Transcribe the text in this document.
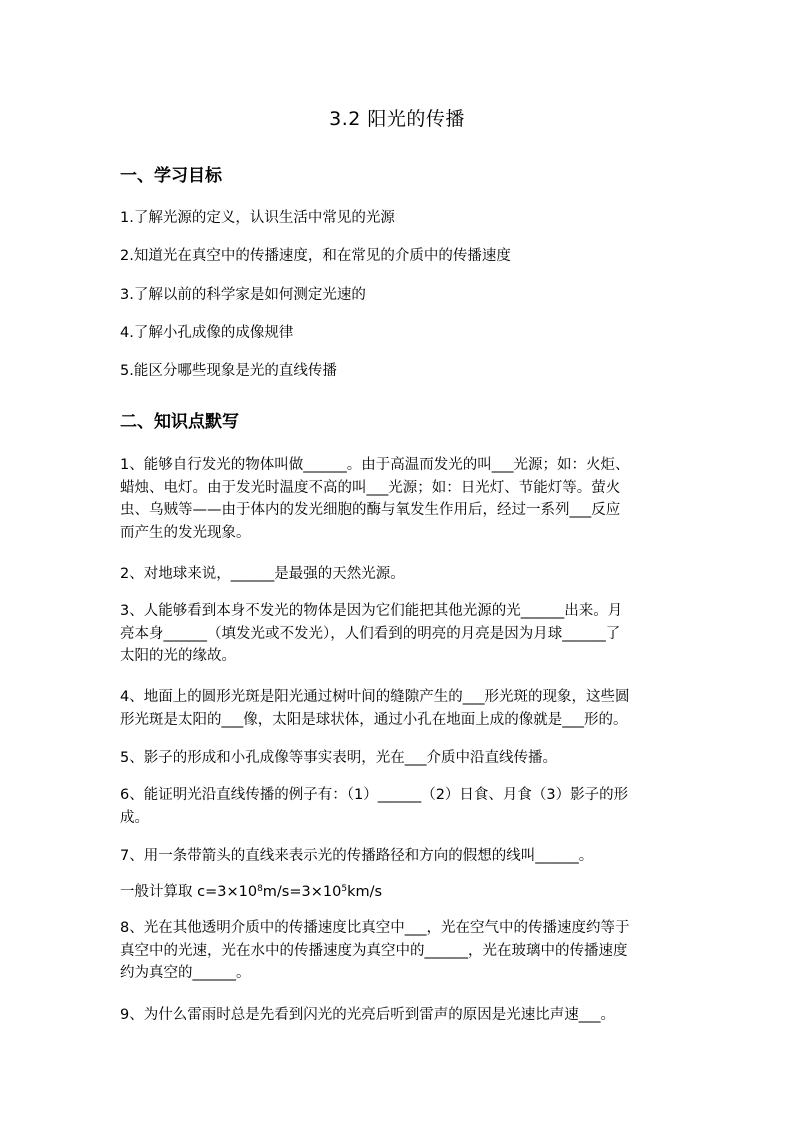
3.2 阳光的传播
一、学习目标
1.了解光源的定义，认识生活中常见的光源
2.知道光在真空中的传播速度，和在常见的介质中的传播速度
3.了解以前的科学家是如何测定光速的
4.了解小孔成像的成像规律
5.能区分哪些现象是光的直线传播
二、知识点默写
1、能够自行发光的物体叫做______。由于高温而发光的叫___光源；如：火炬、
蜡烛、电灯。由于发光时温度不高的叫___光源；如：日光灯、节能灯等。萤火
虫、乌贼等——由于体内的发光细胞的酶与氧发生作用后，经过一系列___反应
而产生的发光现象。
2、对地球来说，______是最强的天然光源。
3、人能够看到本身不发光的物体是因为它们能把其他光源的光______出来。月
亮本身______（填发光或不发光），人们看到的明亮的月亮是因为月球______了
太阳的光的缘故。
4、地面上的圆形光斑是阳光通过树叶间的缝隙产生的___形光斑的现象，这些圆
形光斑是太阳的___像，太阳是球状体，通过小孔在地面上成的像就是___形的。
5、影子的形成和小孔成像等事实表明，光在___介质中沿直线传播。
6、能证明光沿直线传播的例子有：（1）______（2）日食、月食（3）影子的形
成。
7、用一条带箭头的直线来表示光的传播路径和方向的假想的线叫______。
一般计算取 $c=3\times 10^8m/s=3\times 10^5km/s$
8、光在其他透明介质中的传播速度比真空中___，光在空气中的传播速度约等于
真空中的光速，光在水中的传播速度为真空中的______，光在玻璃中的传播速度
约为真空的______。
9、为什么雷雨时总是先看到闪光的光亮后听到雷声的原因是光速比声速___。
